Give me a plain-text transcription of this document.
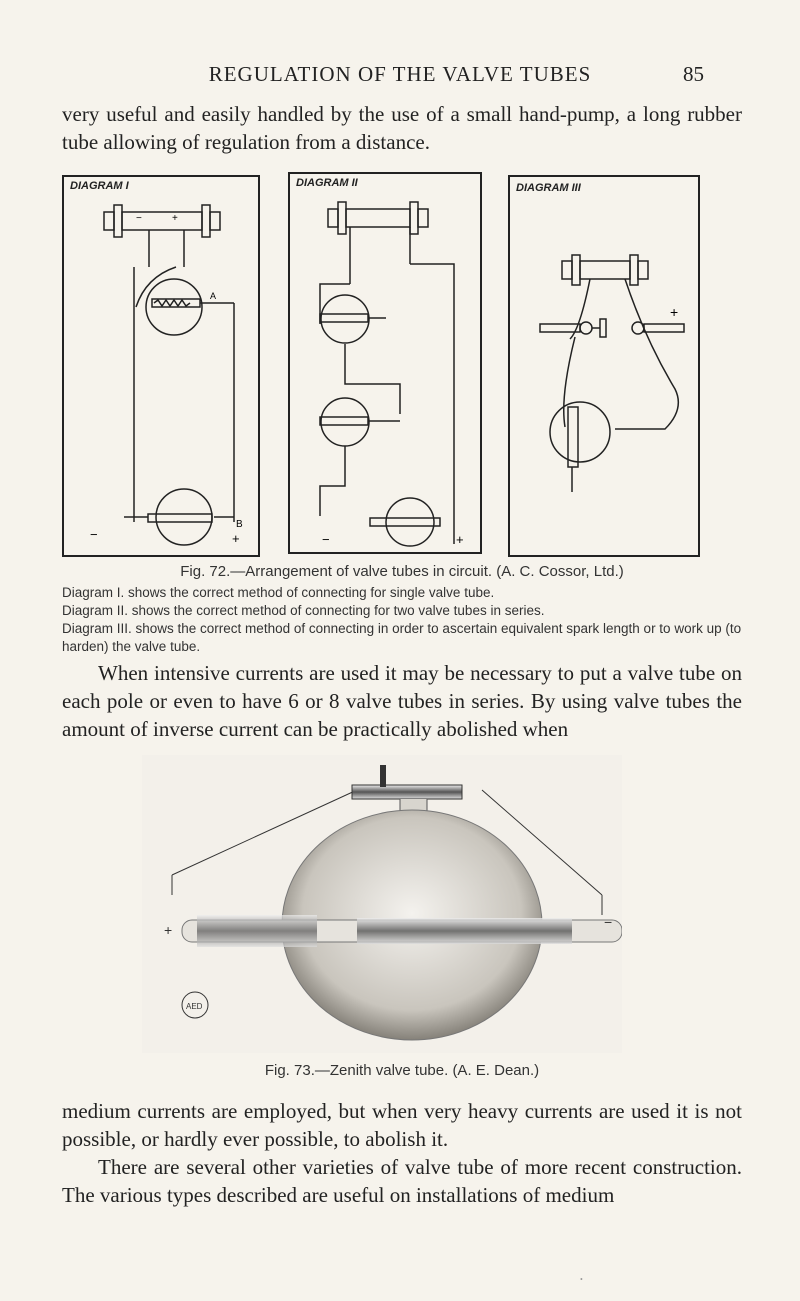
REGULATION OF THE VALVE TUBES	85

very useful and easily handled by the use of a small hand-pump, a long rubber tube allowing of regulation from a distance.

DIAGRAM I
+
−
A
B
−	+
DIAGRAM II
−	+
DIAGRAM III
+
Fig. 72.—Arrangement of valve tubes in circuit. (A. C. Cossor, Ltd.)
Diagram I. shows the correct method of connecting for single valve tube.
Diagram II. shows the correct method of connecting for two valve tubes in series.
Diagram III. shows the correct method of connecting in order to ascertain equivalent spark length or to work up (to harden) the valve tube.

When intensive currents are used it may be necessary to put a valve tube on each pole or even to have 6 or 8 valve tubes in series. By using valve tubes the amount of inverse current can be practically abolished when

AED
+	−
Fig. 73.—Zenith valve tube. (A. E. Dean.)

medium currents are employed, but when very heavy currents are used it is not possible, or hardly ever possible, to abolish it.

There are several other varieties of valve tube of more recent construction. The various types described are useful on installations of medium

•
